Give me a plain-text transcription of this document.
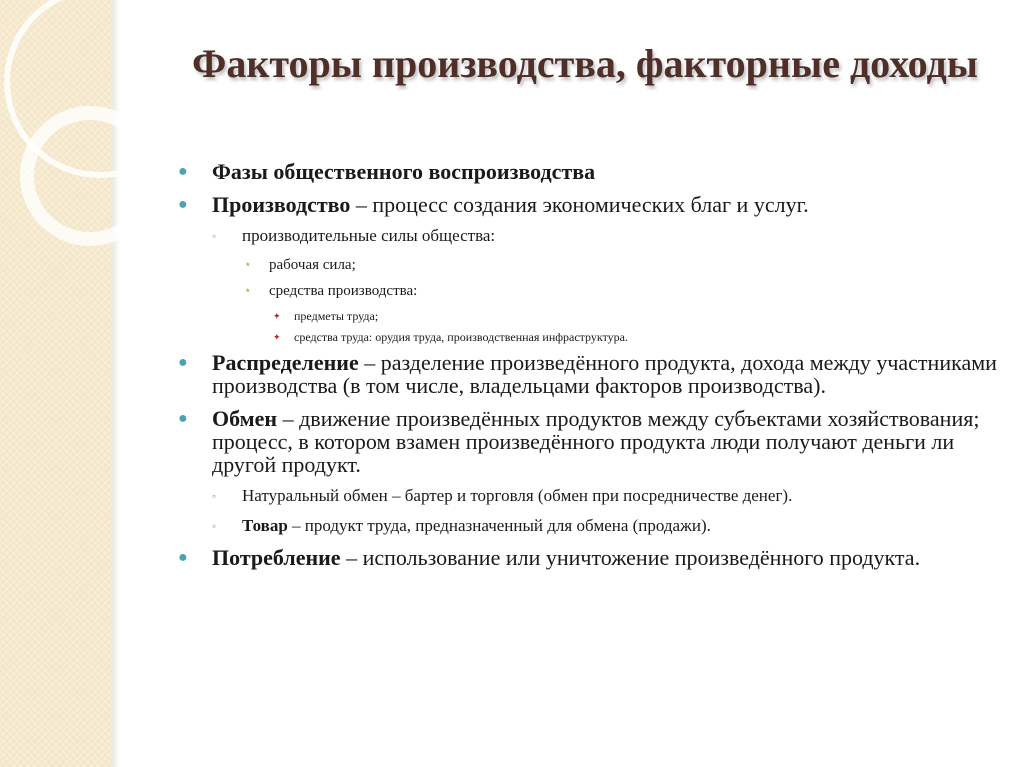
Факторы производства, факторные доходы
● Фазы общественного воспроизводства
● Производство – процесс создания экономических благ и услуг.
◦ производительные силы общества:
⋆ рабочая сила;
⋆ средства производства:
✦ предметы труда;
✦ средства труда: орудия труда, производственная инфраструктура.
● Распределение – разделение произведённого продукта, дохода между участниками производства (в том числе, владельцами факторов производства).
● Обмен – движение произведённых продуктов между субъектами хозяйствования; процесс, в котором взамен произведённого продукта люди получают деньги ли другой продукт.
◦ Натуральный обмен – бартер и торговля (обмен при посредничестве денег).
◦ Товар – продукт труда, предназначенный для обмена (продажи).
● Потребление – использование или уничтожение произведённого продукта.
